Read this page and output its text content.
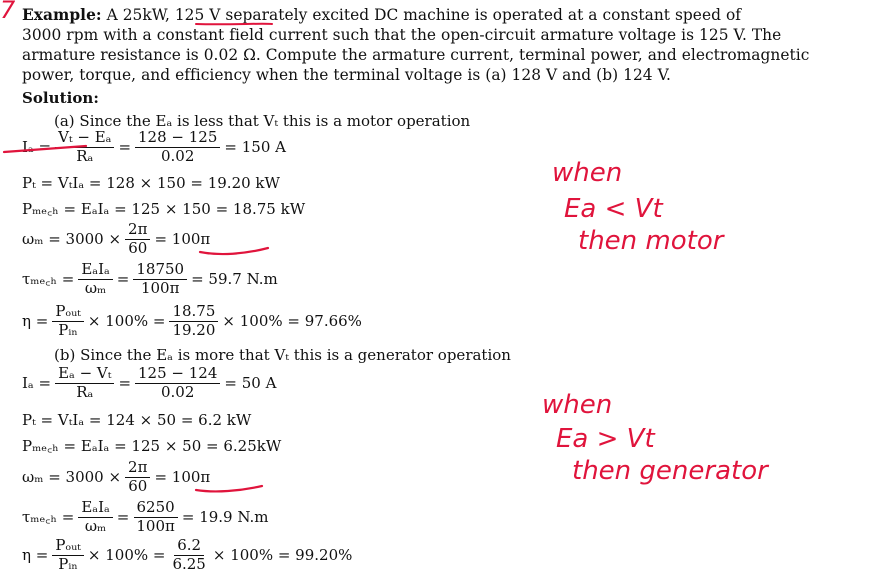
Example: A 25kW, 125 V separately excited DC machine is operated at a constant speed of
3000 rpm with a constant field current such that the open-circuit armature voltage is 125 V. The
armature resistance is 0.02 Ω. Compute the armature current, terminal power, and electromagnetic
power, torque, and efficiency when the terminal voltage is (a) 128 V and (b) 124 V.
Solution:
(a) Since the Eₐ is less that Vₜ this is a motor operation
$I_a = \frac{\text{Vₜ − Eₐ}}{\text{Rₐ}} = \frac{128 - 125}{0.02} = 150$ A
Pₜ = VₜIₐ = 128 × 150 = 19.20 kW
Pₘₑ꜀ₕ = EₐIₐ = 125 × 150 = 18.75 kW
$\omega_m = 3000 \times \frac{2\pi}{60} = 100\pi$
τₘₑ꜀ₕ = $\frac{\text{EₐIₐ}}{\text{ωₘ}} = \frac{18750}{100\pi} = 59.7$ N.m
$\eta = \frac{\text{Pₒᵤₜ}}{\text{Pᵢₙ}} \times 100\% = \frac{18.75}{19.20} \times 100\% = 97.66\%$
(b) Since the Eₐ is more that Vₜ this is a generator operation
$I_a = \frac{\text{Eₐ − Vₜ}}{\text{Rₐ}} = \frac{125 - 124}{0.02} = 50$ A
Pₜ = VₜIₐ = 124 × 50 = 6.2 kW
Pₘₑ꜀ₕ = EₐIₐ = 125 × 50 = 6.25kW
$\omega_m = 3000 \times \frac{2\pi}{60} = 100\pi$
τₘₑ꜀ₕ = $\frac{\text{EₐIₐ}}{\text{ωₘ}} = \frac{6250}{100\pi} = 19.9$ N.m
$\eta = \frac{\text{Pₒᵤₜ}}{\text{Pᵢₙ}} \times 100\% = \frac{6.2}{6.25} \times 100\% = 99.20\%$
7
when
Ea < Vt
then motor
when
Ea > Vt
then generator
